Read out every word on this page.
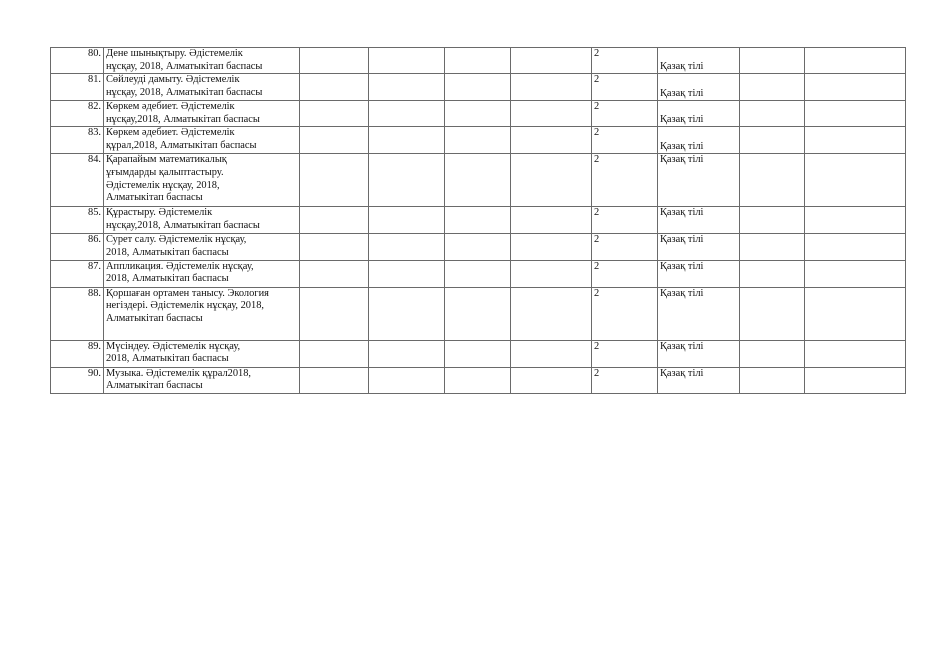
80.	Дене шынықтыру. Әдістемелік
нұсқау, 2018, Алматыкітап баспасы					2	Қазақ тілі		
81.	Сөйлеуді дамыту. Әдістемелік
нұсқау, 2018, Алматыкітап баспасы					2	Қазақ тілі		
82.	Көркем әдебиет. Әдістемелік
нұсқау,2018, Алматыкітап баспасы					2	Қазақ тілі		
83.	Көркем әдебиет. Әдістемелік
құрал,2018, Алматыкітап баспасы					2	Қазақ тілі		
84.	Қарапайым математикалық
ұғымдарды қалыптастыру.
Әдістемелік нұсқау, 2018,
Алматыкітап баспасы					2	Қазақ тілі		
85.	Құрастыру. Әдістемелік
нұсқау,2018, Алматыкітап баспасы					2	Қазақ тілі		
86.	Сурет салу. Әдістемелік нұсқау,
2018, Алматыкітап баспасы					2	Қазақ тілі		
87.	Аппликация. Әдістемелік нұсқау,
2018, Алматыкітап баспасы					2	Қазақ тілі		
88.	Қоршаған ортамен танысу. Экология
негіздері. Әдістемелік нұсқау, 2018,
Алматыкітап баспасы					2	Қазақ тілі		
89.	Мүсіндеу. Әдістемелік нұсқау,
2018, Алматыкітап баспасы					2	Қазақ тілі		
90.	Музыка. Әдістемелік құрал2018,
Алматыкітап баспасы					2	Қазақ тілі		
